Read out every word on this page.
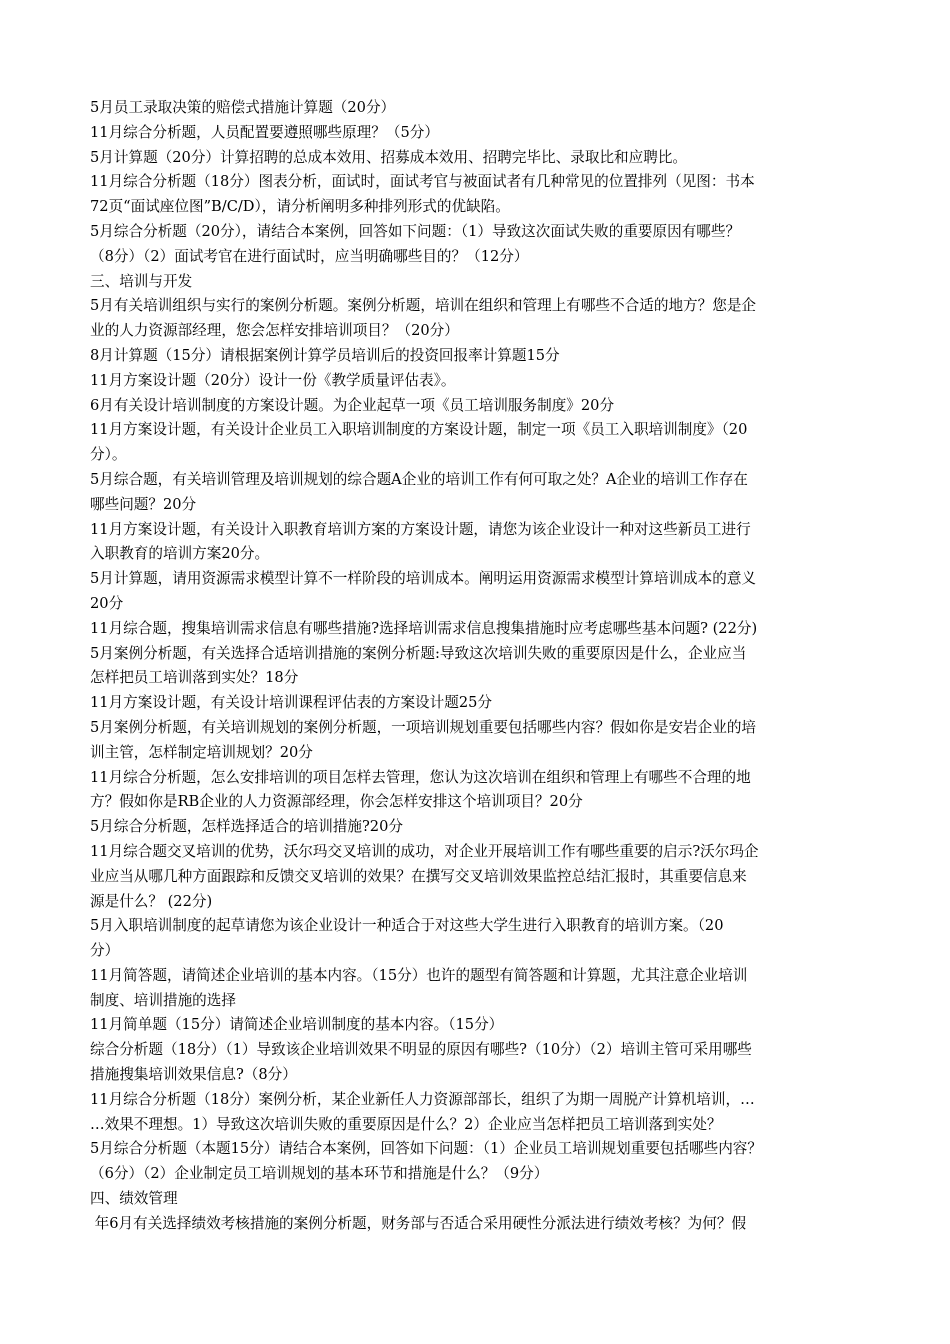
5月员工录取决策的赔偿式措施计算题（20分）
11月综合分析题，人员配置要遵照哪些原理？（5分）
5月计算题（20分）计算招聘的总成本效用、招募成本效用、招聘完毕比、录取比和应聘比。
11月综合分析题（18分）图表分析，面试时，面试考官与被面试者有几种常见的位置排列（见图：书本
72页“面试座位图”B/C/D），请分析阐明多种排列形式的优缺陷。
5月综合分析题（20分），请结合本案例，回答如下问题：（1）导致这次面试失败的重要原因有哪些？
（8分）（2）面试考官在进行面试时，应当明确哪些目的？（12分）
三、培训与开发
5月有关培训组织与实行的案例分析题。案例分析题，培训在组织和管理上有哪些不合适的地方？您是企
业的人力资源部经理，您会怎样安排培训项目？（20分）
8月计算题（15分）请根据案例计算学员培训后的投资回报率计算题15分
11月方案设计题（20分）设计一份《教学质量评估表》。
6月有关设计培训制度的方案设计题。为企业起草一项《员工培训服务制度》20分
11月方案设计题，有关设计企业员工入职培训制度的方案设计题，制定一项《员工入职培训制度》（20
分）。
5月综合题，有关培训管理及培训规划的综合题A企业的培训工作有何可取之处？A企业的培训工作存在
哪些问题？20分
11月方案设计题，有关设计入职教育培训方案的方案设计题，请您为该企业设计一种对这些新员工进行
入职教育的培训方案20分。
5月计算题，请用资源需求模型计算不一样阶段的培训成本。阐明运用资源需求模型计算培训成本的意义
20分
11月综合题，搜集培训需求信息有哪些措施?选择培训需求信息搜集措施时应考虑哪些基本问题? (22分)
5月案例分析题，有关选择合适培训措施的案例分析题:导致这次培训失败的重要原因是什么，企业应当
怎样把员工培训落到实处？18分
11月方案设计题，有关设计培训课程评估表的方案设计题25分
5月案例分析题，有关培训规划的案例分析题，一项培训规划重要包括哪些内容？假如你是安岩企业的培
训主管，怎样制定培训规划？20分
11月综合分析题，怎么安排培训的项目怎样去管理，您认为这次培训在组织和管理上有哪些不合理的地
方？假如你是RB企业的人力资源部经理，你会怎样安排这个培训项目？20分
5月综合分析题，怎样选择适合的培训措施?20分
11月综合题交叉培训的优势，沃尔玛交叉培训的成功，对企业开展培训工作有哪些重要的启示?沃尔玛企
业应当从哪几种方面跟踪和反馈交叉培训的效果？在撰写交叉培训效果监控总结汇报时，其重要信息来
源是什么？ (22分)
5月入职培训制度的起草请您为该企业设计一种适合于对这些大学生进行入职教育的培训方案。（20
分）
11月简答题，请简述企业培训的基本内容。（15分）也许的题型有简答题和计算题，尤其注意企业培训
制度、培训措施的选择
11月简单题（15分）请简述企业培训制度的基本内容。（15分）
综合分析题（18分）（1）导致该企业培训效果不明显的原因有哪些?（10分）（2）培训主管可采用哪些
措施搜集培训效果信息?（8分）
11月综合分析题（18分）案例分析，某企业新任人力资源部部长，组织了为期一周脱产计算机培训，…
…效果不理想。1）导致这次培训失败的重要原因是什么？2）企业应当怎样把员工培训落到实处？
5月综合分析题（本题15分）请结合本案例，回答如下问题：（1）企业员工培训规划重要包括哪些内容？
（6分）（2）企业制定员工培训规划的基本环节和措施是什么？（9分）
四、绩效管理
年6月有关选择绩效考核措施的案例分析题，财务部与否适合采用硬性分派法进行绩效考核？为何？假
